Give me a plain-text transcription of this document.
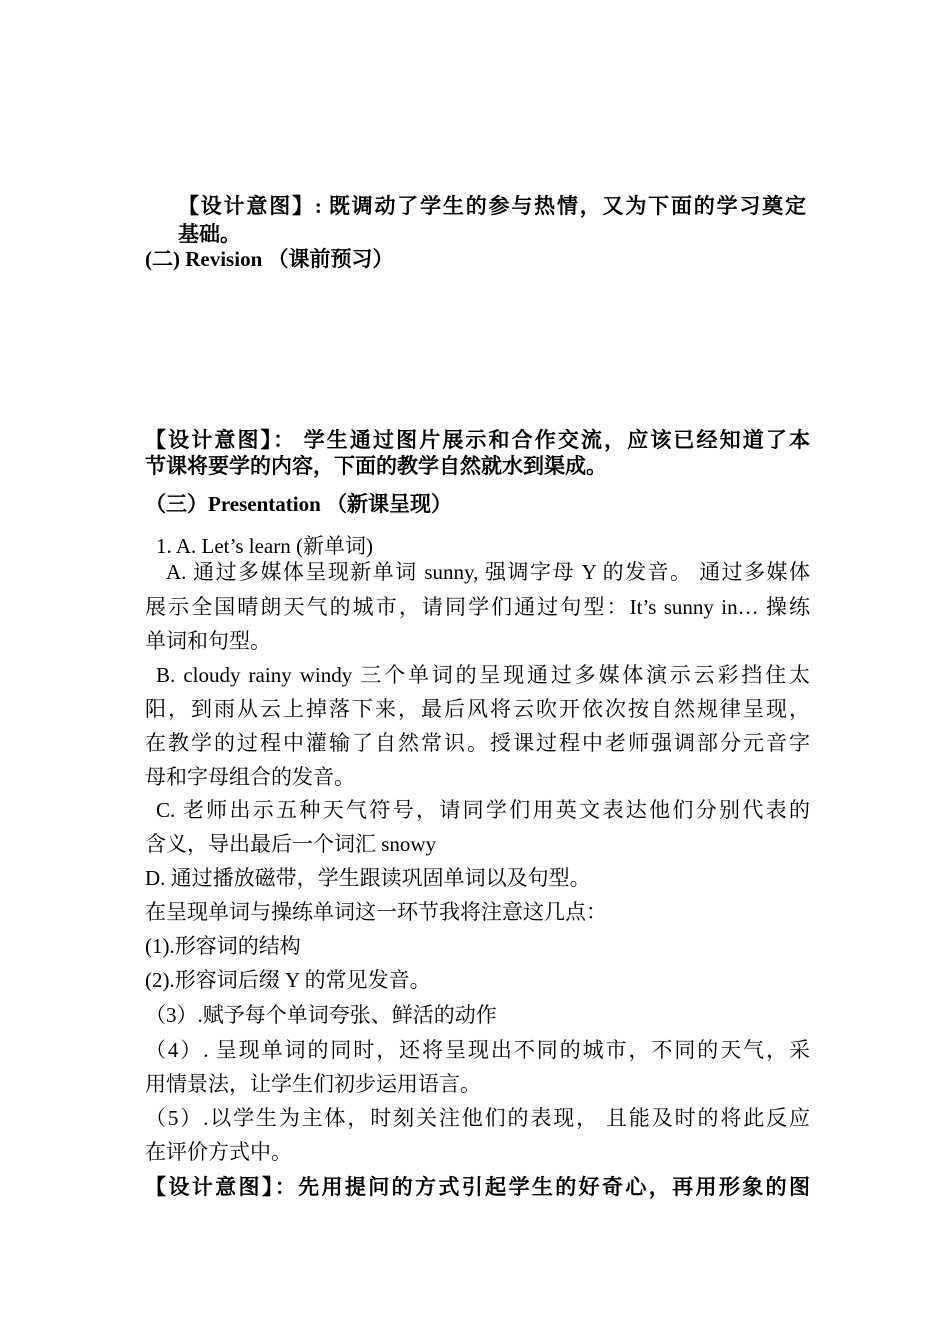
【设计意图】: 既调动了学生的参与热情，又为下面的学习奠定
基础。
(二) Revision （课前预习）
【设计意图】： 学生通过图片展示和合作交流，应该已经知道了本
节课将要学的内容，下面的教学自然就水到渠成。
（三）Presentation （新课呈现）
1. A. Let’s learn (新单词)
A. 通过多媒体呈现新单词 sunny, 强调字母 Y 的发音。 通过多媒体
展示全国晴朗天气的城市，请同学们通过句型：It’s sunny in… 操练
单词和句型。
B. cloudy rainy windy 三个单词的呈现通过多媒体演示云彩挡住太
阳，到雨从云上掉落下来，最后风将云吹开依次按自然规律呈现，
在教学的过程中灌输了自然常识。授课过程中老师强调部分元音字
母和字母组合的发音。
C. 老师出示五种天气符号，请同学们用英文表达他们分别代表的
含义，导出最后一个词汇 snowy
D. 通过播放磁带，学生跟读巩固单词以及句型。
在呈现单词与操练单词这一环节我将注意这几点：
(1).形容词的结构
(2).形容词后缀 Y 的常见发音。
（3）.赋予每个单词夸张、鲜活的动作
（4）. 呈现单词的同时，还将呈现出不同的城市，不同的天气，采
用情景法，让学生们初步运用语言。
（5）.以学生为主体，时刻关注他们的表现， 且能及时的将此反应
在评价方式中。
【设计意图】：先用提问的方式引起学生的好奇心，再用形象的图
